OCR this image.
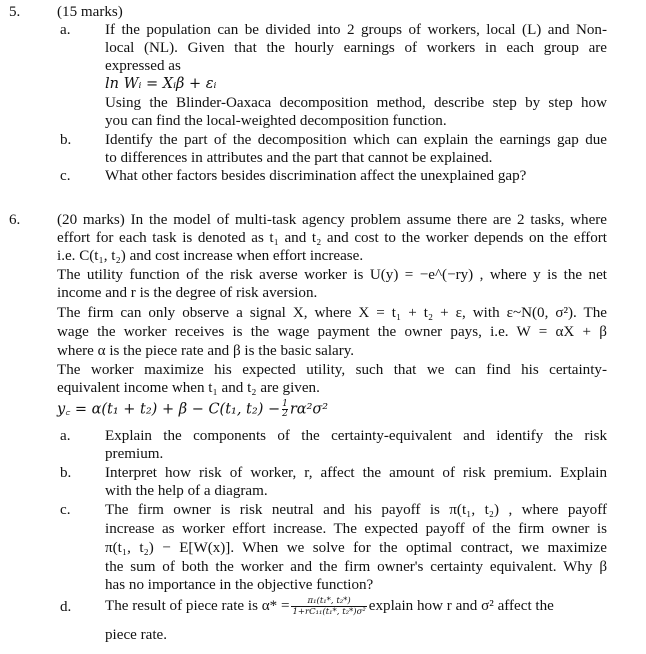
5. (15 marks)
a. If the population can be divided into 2 groups of workers, local (L) and Non-
local (NL). Given that the hourly earnings of workers in each group are
expressed as
ln Wᵢ = Xᵢβ + εᵢ
Using the Blinder-Oaxaca decomposition method, describe step by step how
you can find the local-weighted decomposition function.
b. Identify the part of the decomposition which can explain the earnings gap due
to differences in attributes and the part that cannot be explained.
c. What other factors besides discrimination affect the unexplained gap?
6. (20 marks) In the model of multi-task agency problem assume there are 2 tasks, where
effort for each task is denoted as t₁ and t₂ and cost to the worker depends on the effort
i.e. C(t₁, t₂) and cost increase when effort increase.
The utility function of the risk averse worker is U(y) = −e^(−ry) , where y is the net
income and r is the degree of risk aversion.
The firm can only observe a signal X, where X = t₁ + t₂ + ε, with ε~N(0, σ²). The
wage the worker receives is the wage payment the owner pays, i.e. W = αX + β
where α is the piece rate and β is the basic salary.
The worker maximize his expected utility, such that we can find his certainty-
equivalent income when t₁ and t₂ are given.
y꜀ = α(t₁ + t₂) + β − C(t₁, $t_2) - \frac{1}{2} r\alpha^2\sigma^2$
a. Explain the components of the certainty-equivalent and identify the risk
premium.
b. Interpret how risk of worker, r, affect the amount of risk premium. Explain
with the help of a diagram.
c. The firm owner is risk neutral and his payoff is π(t₁, t₂) , where payoff
increase as worker effort increase. The expected payoff of the firm owner is
π(t₁, t₂) − E[W(x)]. When we solve for the optimal contract, we maximize
the sum of both the worker and the firm owner's certainty equivalent. Why β
has no importance in the objective function?
d. The result of piece rate is $\alpha* = \frac{\text{π₁(t₁*, t₂*)}}{\text{1+rC₁₁(t₁*, t₂*)σ²}}$ explain how r and σ² affect the
piece rate.
